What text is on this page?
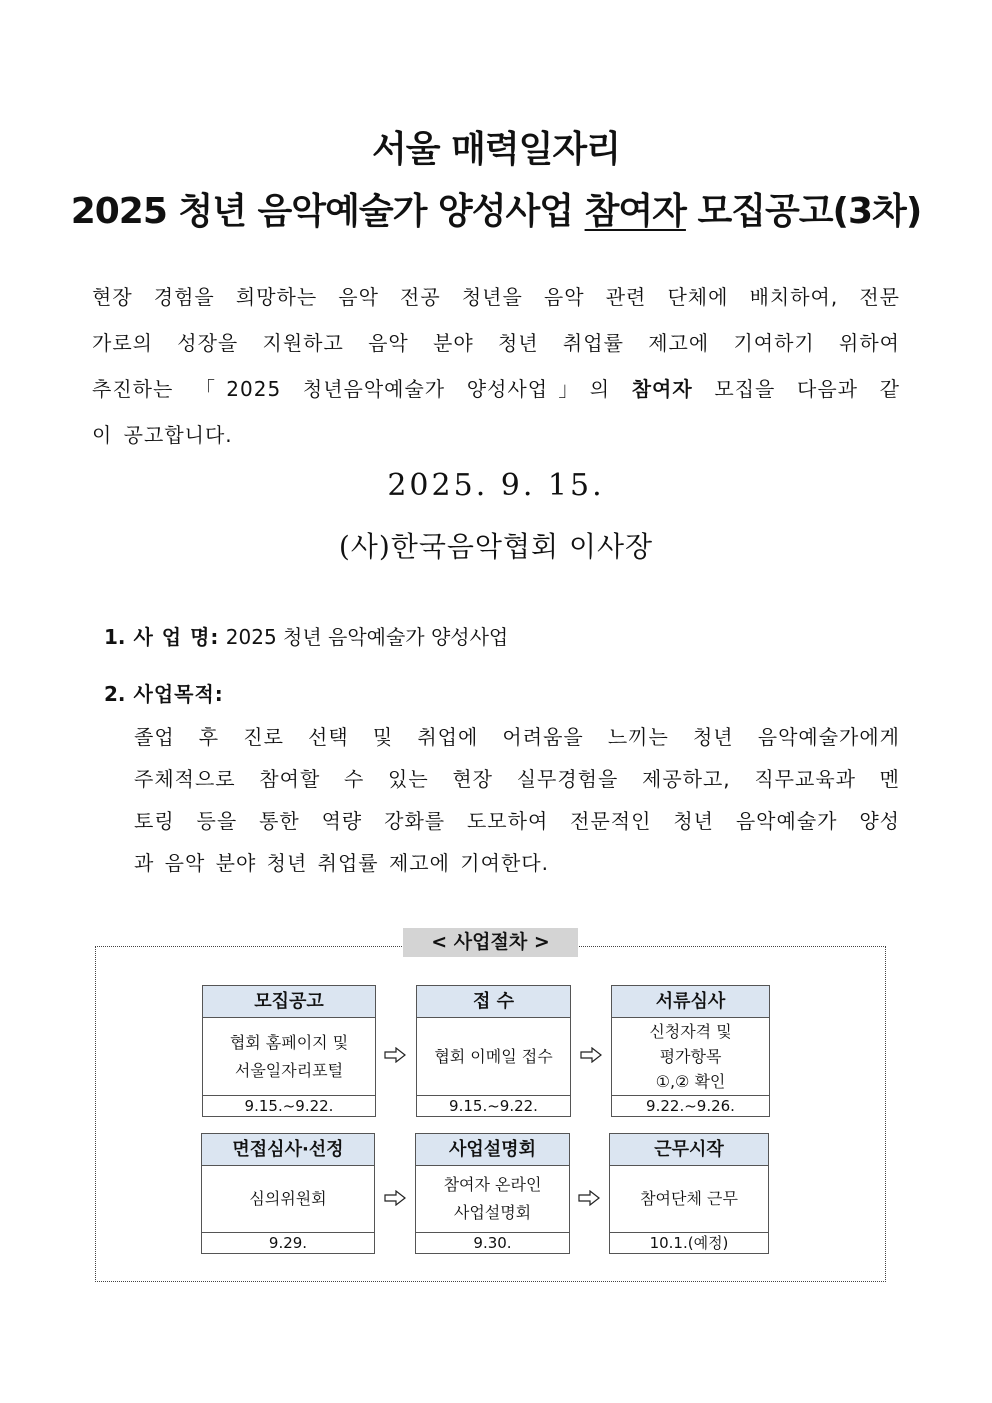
서울 매력일자리
2025 청년 음악예술가 양성사업 참여자 모집공고(3차)

현장 경험을 희망하는 음악 전공 청년을 음악 관련 단체에 배치하여, 전문

가로의 성장을 지원하고 음악 분야 청년 취업률 제고에 기여하기 위하여

추진하는 「2025 청년음악예술가 양성사업」의 참여자 모집을 다음과 같

이 공고합니다.

2025. 9. 15.
(사)한국음악협회 이사장
1. 사 업 명: 2025 청년 음악예술가 양성사업
2. 사업목적:

졸업 후 진로 선택 및 취업에 어려움을 느끼는 청년 음악예술가에게

주체적으로 참여할 수 있는 현장 실무경험을 제공하고, 직무교육과 멘

토링 등을 통한 역량 강화를 도모하여 전문적인 청년 음악예술가 양성

과 음악 분야 청년 취업률 제고에 기여한다.

< 사업절차 >
모집공고
협회 홈페이지 및
서울일자리포털
9.15.~9.22.
접 수
협회 이메일 접수
9.15.~9.22.
서류심사
신청자격 및
평가항목
①,② 확인
9.22.~9.26.
면접심사·선정
심의위원회
9.29.
사업설명회
참여자 온라인
사업설명회
9.30.
근무시작
참여단체 근무
10.1.(예정)
